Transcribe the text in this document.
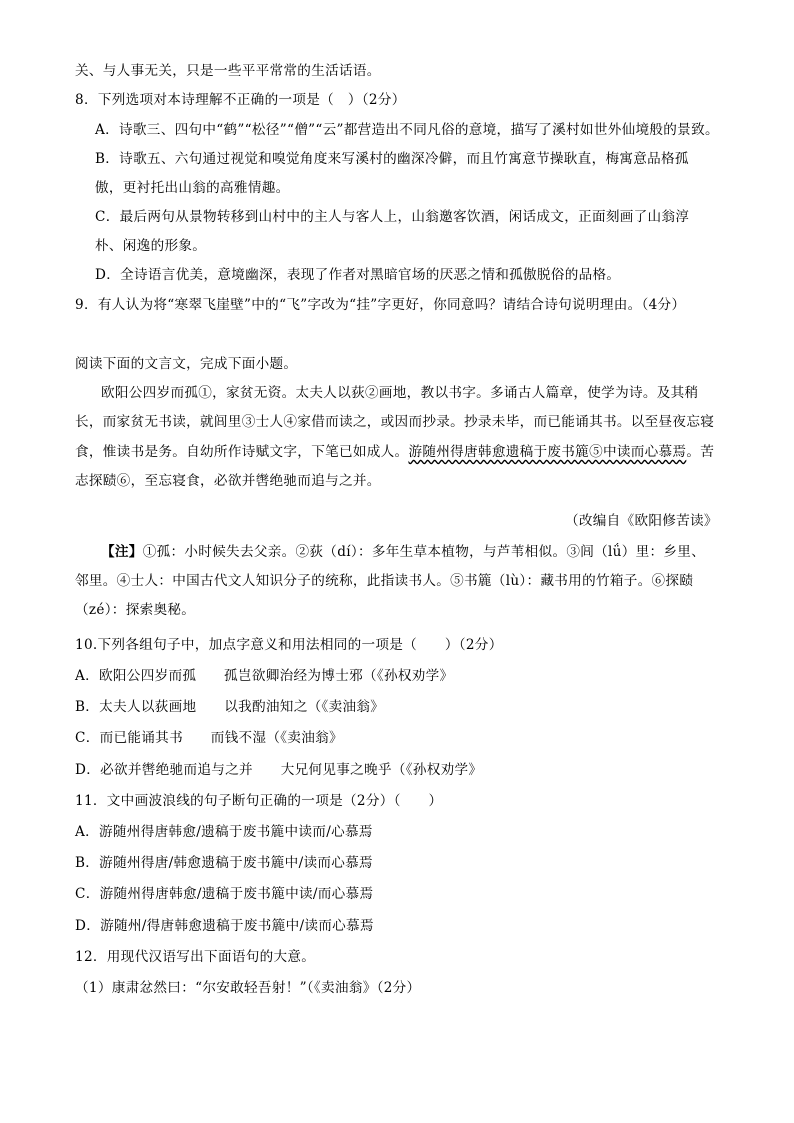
关、与人事无关，只是一些平平常常的生活话语。
8．下列选项对本诗理解不正确的一项是（　）（2分）
A．诗歌三、四句中“鹤”“松径”“僧”“云”都营造出不同凡俗的意境，描写了溪村如世外仙境般的景致。
B．诗歌五、六句通过视觉和嗅觉角度来写溪村的幽深冷僻，而且竹寓意节操耿直，梅寓意品格孤
傲，更衬托出山翁的高雅情趣。
C．最后两句从景物转移到山村中的主人与客人上，山翁邀客饮酒，闲话成文，正面刻画了山翁淳
朴、闲逸的形象。
D．全诗语言优美，意境幽深，表现了作者对黑暗官场的厌恶之情和孤傲脱俗的品格。
9．有人认为将“寒翠飞崖壁”中的“飞”字改为“挂”字更好，你同意吗？请结合诗句说明理由。（4分）
阅读下面的文言文，完成下面小题。
欧阳公四岁而孤①，家贫无资。太夫人以荻②画地，教以书字。多诵古人篇章，使学为诗。及其稍
长，而家贫无书读，就闾里③士人④家借而读之，或因而抄录。抄录未毕，而已能诵其书。以至昼夜忘寝
食，惟读书是务。自幼所作诗赋文字，下笔已如成人。游随州得唐韩愈遗稿于废书簏⑤中读而心慕焉。苦
志探赜⑥，至忘寝食，必欲并辔绝驰而追与之并。
（改编自《欧阳修苦读》
【注】①孤：小时候失去父亲。②荻（dí）：多年生草本植物，与芦苇相似。③闾（lǘ）里：乡里、
邻里。④士人：中国古代文人知识分子的统称，此指读书人。⑤书簏（lù）：藏书用的竹箱子。⑥探赜
（zé）：探索奥秘。
10.下列各组句子中，加点字意义和用法相同的一项是（　　）（2分）
A．欧阳公四岁而孤　　孤岂欲卿治经为博士邪（《孙权劝学》
B．太夫人以荻画地　　以我酌油知之（《卖油翁》
C．而已能诵其书　　而钱不湿（《卖油翁》
D．必欲并辔绝驰而追与之并　　大兄何见事之晚乎（《孙权劝学》
11．文中画波浪线的句子断句正确的一项是（2分）（　　）
A．游随州得唐韩愈/遗稿于废书簏中读而/心慕焉
B．游随州得唐/韩愈遗稿于废书簏中/读而心慕焉
C．游随州得唐韩愈/遗稿于废书簏中读/而心慕焉
D．游随州/得唐韩愈遗稿于废书簏中/读而心慕焉
12．用现代汉语写出下面语句的大意。
（1）康肃忿然曰：“尔安敢轻吾射！”（《卖油翁》（2分）
